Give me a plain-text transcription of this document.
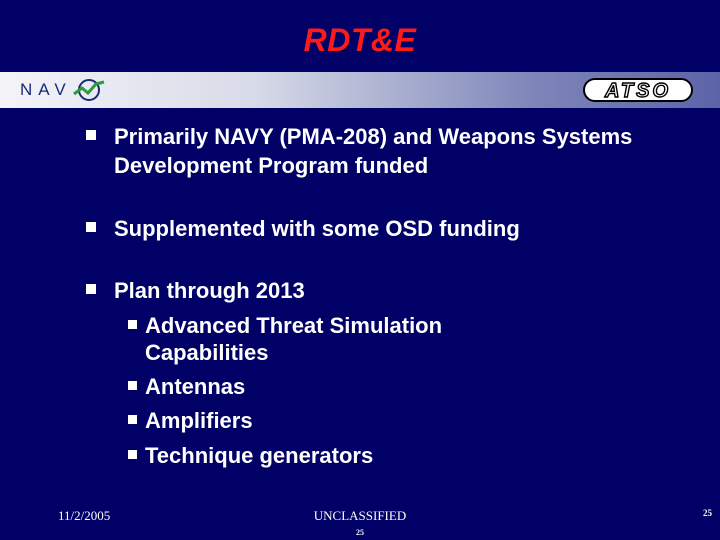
RDT&E
NAV	ATSO
Primarily NAVY (PMA-208) and Weapons Systems Development Program funded
Supplemented with some OSD funding
Plan through 2013
Advanced Threat Simulation Capabilities
Antennas
Amplifiers
Technique generators
11/2/2005	UNCLASSIFIED
25
25
